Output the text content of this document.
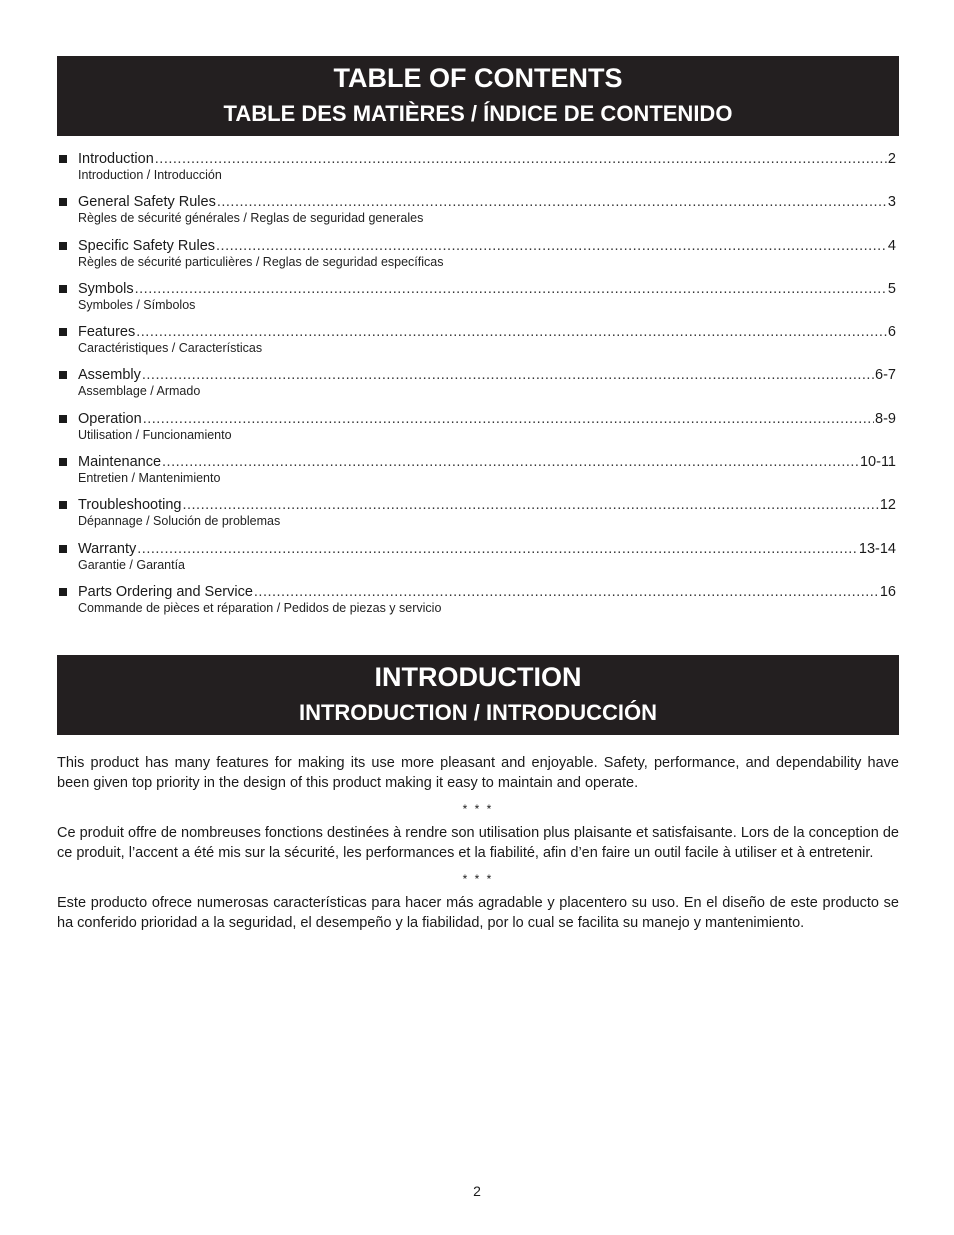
TABLE OF CONTENTS
TABLE DES MATIÈRES / ÍNDICE DE CONTENIDO
Introduction .....	2
Introduction / Introducción
General Safety Rules .....	3
Règles de sécurité générales / Reglas de seguridad generales
Specific Safety Rules .....	4
Règles de sécurité particulières / Reglas de seguridad específicas
Symbols .....	5
Symboles / Símbolos
Features .....	6
Caractéristiques / Características
Assembly .....	6-7
Assemblage / Armado
Operation .....	8-9
Utilisation / Funcionamiento
Maintenance .....	10-11
Entretien / Mantenimiento
Troubleshooting .....	12
Dépannage / Solución de problemas
Warranty .....	13-14
Garantie / Garantía
Parts Ordering and Service .....	16
Commande de pièces et réparation / Pedidos de piezas y servicio
INTRODUCTION
INTRODUCTION / INTRODUCCIÓN

This product has many features for making its use more pleasant and enjoyable. Safety, performance, and dependability have been given top priority in the design of this product making it easy to maintain and operate.

* * *

Ce produit offre de nombreuses fonctions destinées à rendre son utilisation plus plaisante et satisfaisante. Lors de la conception de ce produit, l’accent a été mis sur la sécurité, les performances et la fiabilité, afin d’en faire un outil facile à utiliser et à entretenir.

* * *

Este producto ofrece numerosas características para hacer más agradable y placentero su uso. En el diseño de este producto se ha conferido prioridad a la seguridad, el desempeño y la fiabilidad, por lo cual se facilita su manejo y mantenimiento.

2
